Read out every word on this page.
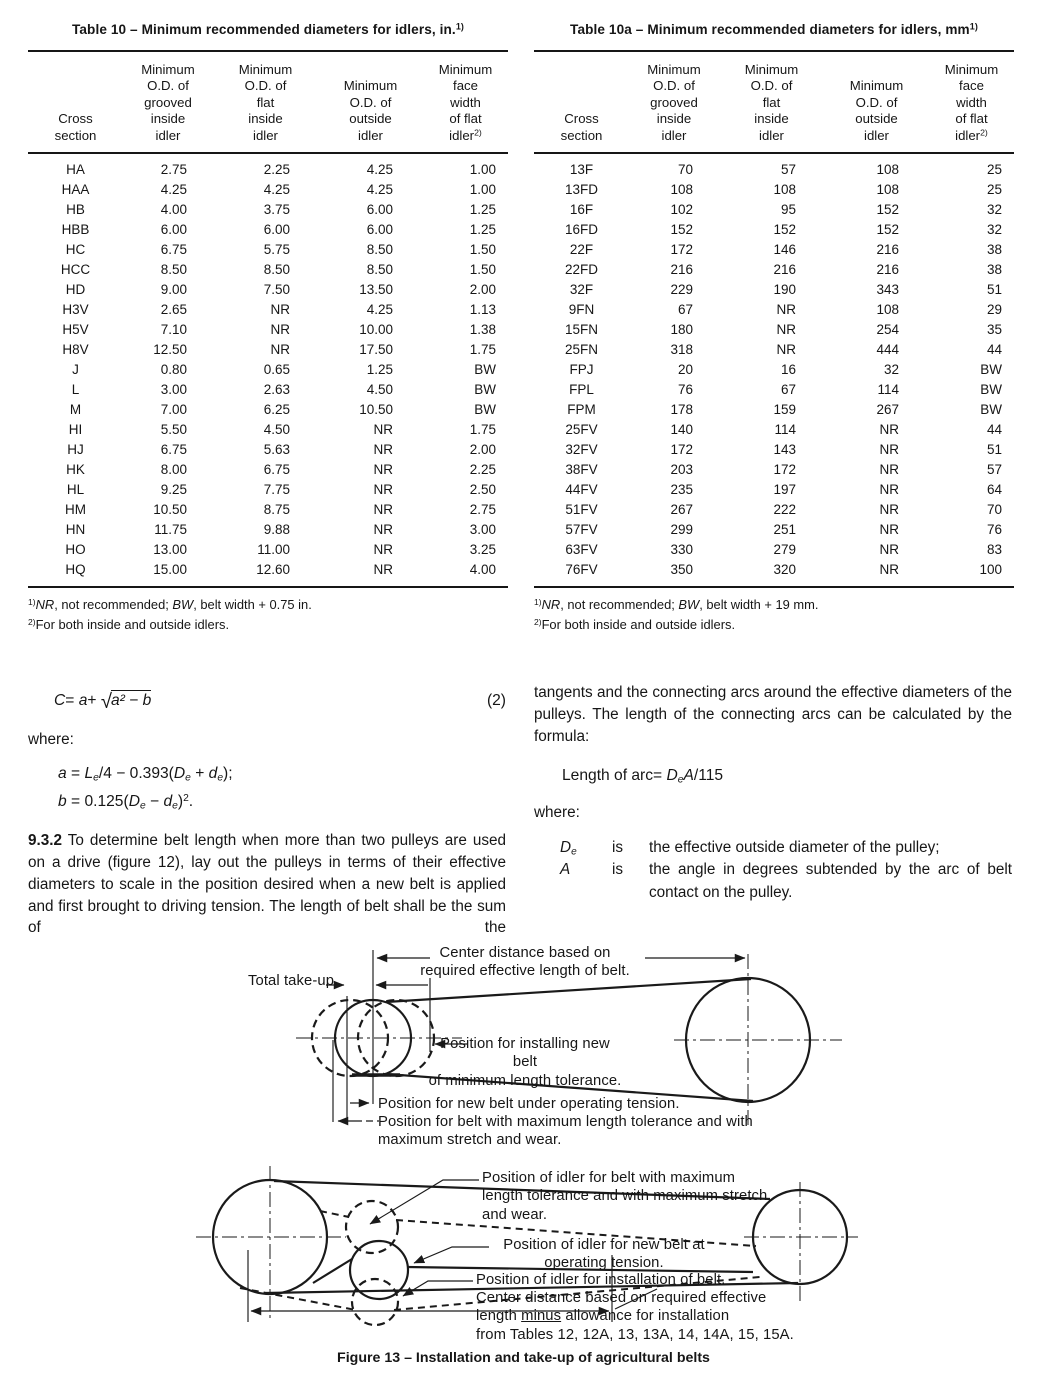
Table 10 – Minimum recommended diameters for idlers, in.$^{1)}$
Cross
section	Minimum
O.D. of
grooved
inside
idler	Minimum
O.D. of
flat
inside
idler	Minimum
O.D. of
outside
idler	Minimum
face
width
of flat
idler$^{2)}$
HA	2.75	2.25	4.25	1.00
HAA	4.25	4.25	4.25	1.00
HB	4.00	3.75	6.00	1.25
HBB	6.00	6.00	6.00	1.25
HC	6.75	5.75	8.50	1.50
HCC	8.50	8.50	8.50	1.50
HD	9.00	7.50	13.50	2.00
H3V	2.65	NR	4.25	1.13
H5V	7.10	NR	10.00	1.38
H8V	12.50	NR	17.50	1.75
J	0.80	0.65	1.25	BW
L	3.00	2.63	4.50	BW
M	7.00	6.25	10.50	BW
HI	5.50	4.50	NR	1.75
HJ	6.75	5.63	NR	2.00
HK	8.00	6.75	NR	2.25
HL	9.25	7.75	NR	2.50
HM	10.50	8.75	NR	2.75
HN	11.75	9.88	NR	3.00
HO	13.00	11.00	NR	3.25
HQ	15.00	12.60	NR	4.00
$^{1)}$NR, not recommended; BW, belt width + 0.75 in.
$^{2)}$For both inside and outside idlers.
Table 10a – Minimum recommended diameters for idlers, $mm^{1)}$
Cross
section	Minimum
O.D. of
grooved
inside
idler	Minimum
O.D. of
flat
inside
idler	Minimum
O.D. of
outside
idler	Minimum
face
width
of flat
idler$^{2)}$
13F	70	57	108	25
13FD	108	108	108	25
16F	102	95	152	32
16FD	152	152	152	32
22F	172	146	216	38
22FD	216	216	216	38
32F	229	190	343	51
9FN	67	NR	108	29
15FN	180	NR	254	35
25FN	318	NR	444	44
FPJ	20	16	32	BW
FPL	76	67	114	BW
FPM	178	159	267	BW
25FV	140	114	NR	44
32FV	172	143	NR	51
38FV	203	172	NR	57
44FV	235	197	NR	64
51FV	267	222	NR	70
57FV	299	251	NR	76
63FV	330	279	NR	83
76FV	350	320	NR	100
$^{1)}$NR, not recommended; BW, belt width + 19 mm.
$^{2)}$For both inside and outside idlers.
C= a+ √a² − b	(2)
where:
$a = L_e/4 - 0.393(D_e + d_e)$;
$b = 0.125(D_e - d_e)^2$.
9.3.2 To determine belt length when more than two pulleys are used on a drive (figure 12), lay out the pulleys in terms of their effective diameters to scale in the position desired when a new belt is applied and first brought to driving tension. The length of belt shall be the sum of the
tangents and the connecting arcs around the effective diameters of the pulleys. The length of the connecting arcs can be calculated by the formula:
Length of $arc= D_eA/115$
where:
$D_e$	is	the effective outside diameter of the pulley;
A	is	the angle in degrees subtended by the arc of belt contact on the pulley.
Total take-up.
Center distance based on
required effective length of belt.
Position for installing new belt
of minimum length tolerance.
Position for new belt under operating tension.
Position for belt with maximum length tolerance and with
maximum stretch and wear.
Position of idler for belt with maximum
length tolerance and with maximum stretch
and wear.
Position of idler for new belt at
operating tension.
Position of idler for installation of belt.
Center distance based on required effective
length minus allowance for installation
from Tables 12, 12A, 13, 13A, 14, 14A, 15, 15A.
Figure 13 – Installation and take-up of agricultural belts
